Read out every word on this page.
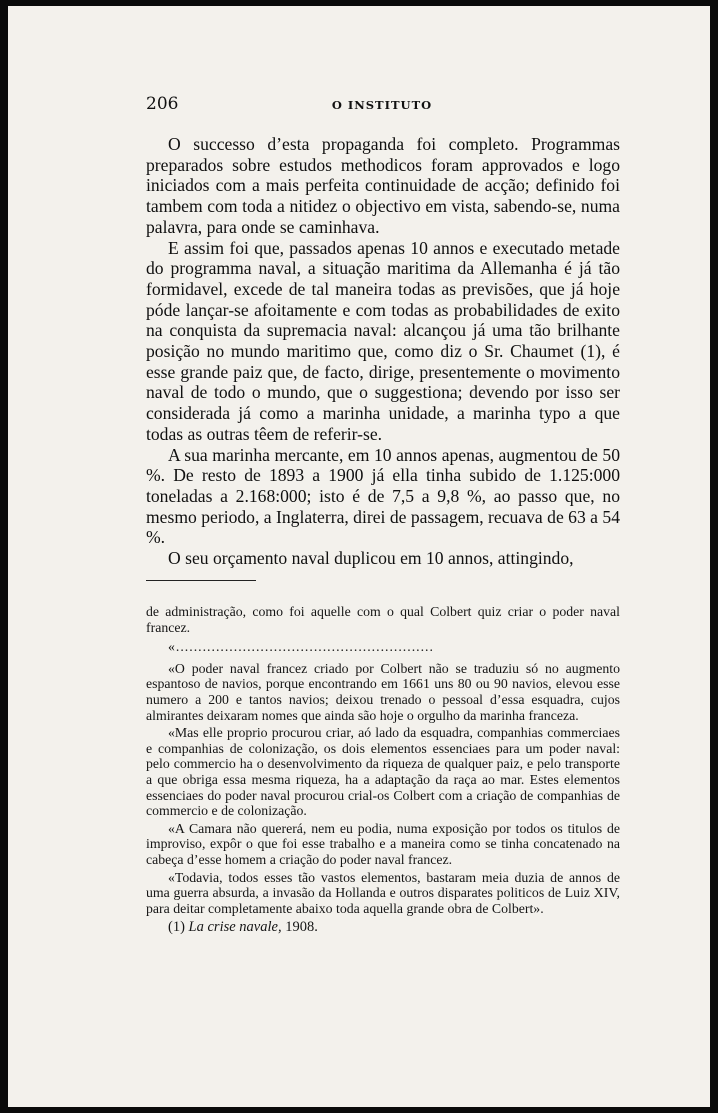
206	O INSTITUTO

O successo d’esta propaganda foi completo. Programmas preparados sobre estudos methodicos foram approvados e logo iniciados com a mais perfeita continuidade de acção; definido foi tambem com toda a nitidez o objectivo em vista, sabendo-se, numa palavra, para onde se caminhava.

E assim foi que, passados apenas 10 annos e executado metade do programma naval, a situação maritima da Allemanha é já tão formidavel, excede de tal maneira todas as previsões, que já hoje póde lançar-se afoitamente e com todas as probabilidades de exito na conquista da supremacia naval: alcançou já uma tão brilhante posição no mundo maritimo que, como diz o Sr. Chaumet (1), é esse grande paiz que, de facto, dirige, presentemente o movimento naval de todo o mundo, que o suggestiona; devendo por isso ser considerada já como a marinha unidade, a marinha typo a que todas as outras têem de referir-se.

A sua marinha mercante, em 10 annos apenas, augmentou de 50 %. De resto de 1893 a 1900 já ella tinha subido de 1.125:000 toneladas a 2.168:000; isto é de 7,5 a 9,8 %, ao passo que, no mesmo periodo, a Inglaterra, direi de passagem, recuava de 63 a 54 %.

O seu orçamento naval duplicou em 10 annos, attingindo,

de administração, como foi aquelle com o qual Colbert quiz criar o poder naval francez.

«..........................................................

«O poder naval francez criado por Colbert não se traduziu só no augmento espantoso de navios, porque encontrando em 1661 uns 80 ou 90 navios, elevou esse numero a 200 e tantos navios; deixou trenado o pessoal d’essa esquadra, cujos almirantes deixaram nomes que ainda são hoje o orgulho da marinha franceza.

«Mas elle proprio procurou criar, aó lado da esquadra, companhias commerciaes e companhias de colonização, os dois elementos essenciaes para um poder naval: pelo commercio ha o desenvolvimento da riqueza de qualquer paiz, e pelo transporte a que obriga essa mesma riqueza, ha a adaptação da raça ao mar. Estes elementos essenciaes do poder naval procurou crial-os Colbert com a criação de companhias de commercio e de colonização.

«A Camara não quererá, nem eu podia, numa exposição por todos os titulos de improviso, expôr o que foi esse trabalho e a maneira como se tinha concatenado na cabeça d’esse homem a criação do poder naval francez.

«Todavia, todos esses tão vastos elementos, bastaram meia duzia de annos de uma guerra absurda, a invasão da Hollanda e outros disparates politicos de Luiz XIV, para deitar completamente abaixo toda aquella grande obra de Colbert».

(1) La crise navale, 1908.
